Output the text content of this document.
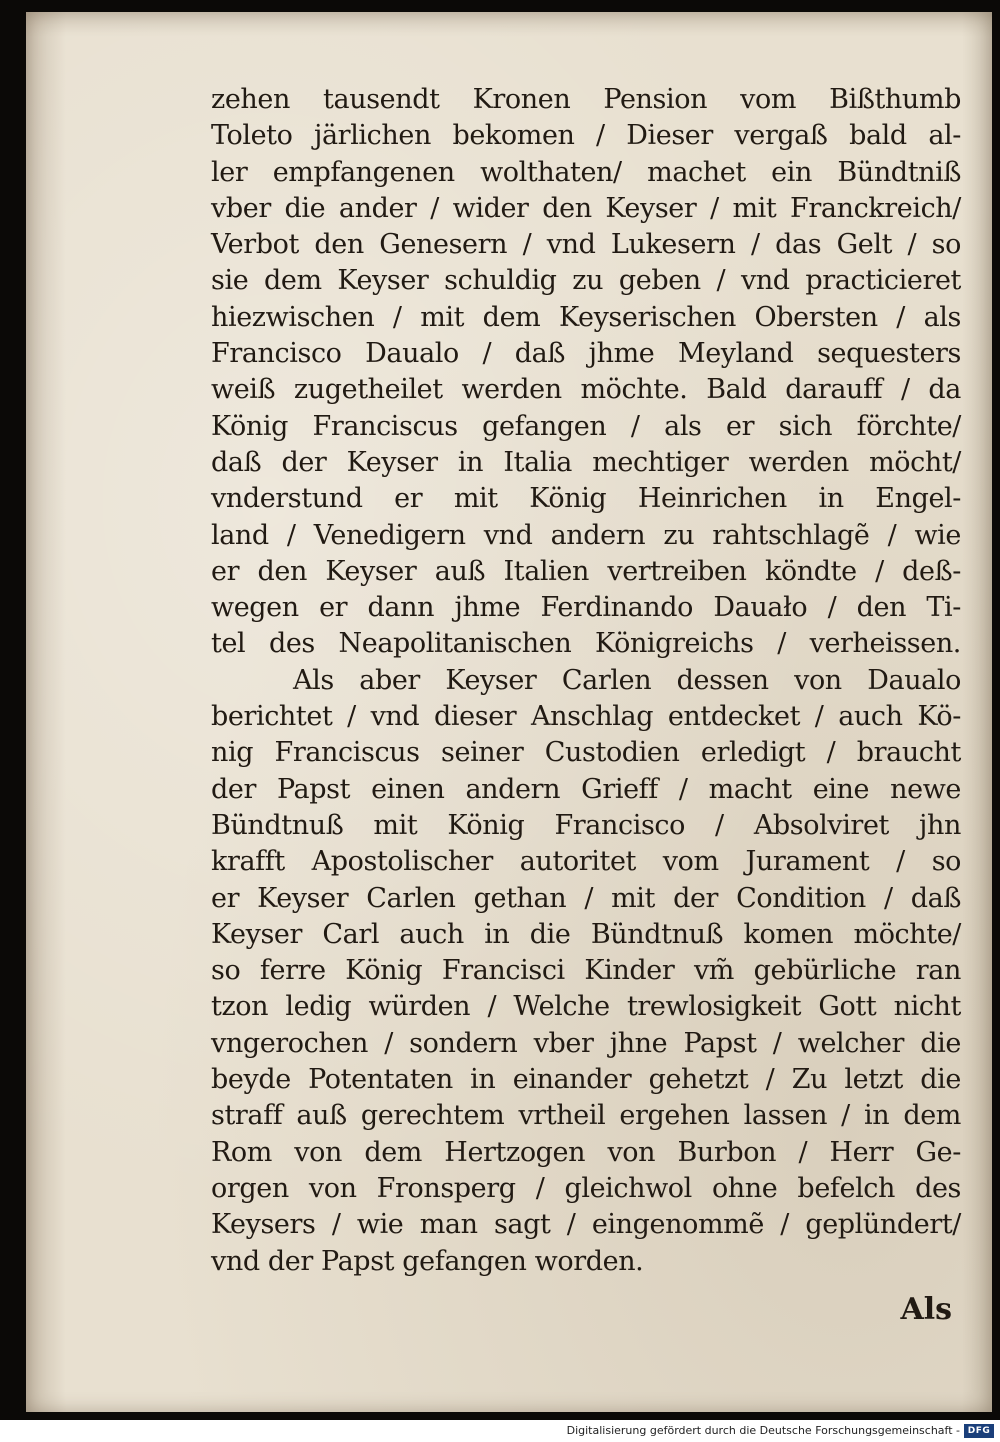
zehen tausendt Kronen Pension vom Bißthumb
Toleto järlichen bekomen / Dieser vergaß bald al-
ler empfangenen wolthaten/ machet ein Bündtniß
vber die ander / wider den Keyser / mit Franckreich/
Verbot den Genesern / vnd Lukesern / das Gelt / so
sie dem Keyser schuldig zu geben / vnd practicieret
hiezwischen / mit dem Keyserischen Obersten / als
Francisco Daualo / daß jhme Meyland sequesters
weiß zugetheilet werden möchte. Bald darauff / da
König Franciscus gefangen / als er sich förchte/
daß der Keyser in Italia mechtiger werden möcht/
vnderstund er mit König Heinrichen in Engel-
land / Venedigern vnd andern zu rahtschlagẽ / wie
er den Keyser auß Italien vertreiben köndte / deß-
wegen er dann jhme Ferdinando Dauało / den Ti-
tel des Neapolitanischen Königreichs / verheissen.
Als aber Keyser Carlen dessen von Daualo
berichtet / vnd dieser Anschlag entdecket / auch Kö-
nig Franciscus seiner Custodien erledigt / braucht
der Papst einen andern Grieff / macht eine newe
Bündtnuß mit König Francisco / Absolviret jhn
krafft Apostolischer autoritet vom Jurament / so
er Keyser Carlen gethan / mit der Condition / daß
Keyser Carl auch in die Bündtnuß komen möchte/
so ferre König Francisci Kinder vm̃ gebürliche ran
tzon ledig würden / Welche trewlosigkeit Gott nicht
vngerochen / sondern vber jhne Papst / welcher die
beyde Potentaten in einander gehetzt / Zu letzt die
straff auß gerechtem vrtheil ergehen lassen / in dem
Rom von dem Hertzogen von Burbon / Herr Ge-
orgen von Fronsperg / gleichwol ohne befelch des
Keysers / wie man sagt / eingenommẽ / geplündert/
vnd der Papst gefangen worden.
Als
Digitalisierung gefördert durch die Deutsche Forschungsgemeinschaft - DFG
